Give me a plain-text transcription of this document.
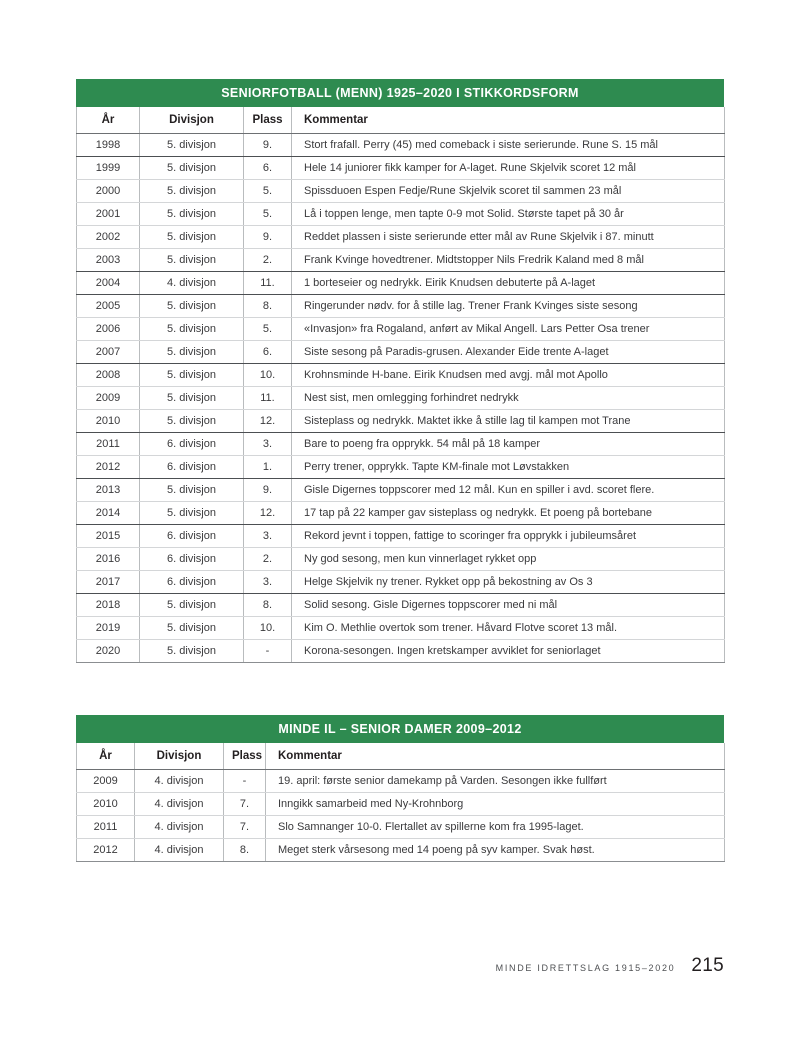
SENIORFOTBALL (MENN) 1925–2020 I STIKKORDSFORM
År	Divisjon	Plass	Kommentar
1998	5. divisjon	9.	Stort frafall. Perry (45) med comeback i siste serierunde. Rune S. 15 mål
1999	5. divisjon	6.	Hele 14 juniorer fikk kamper for A-laget. Rune Skjelvik scoret 12 mål
2000	5. divisjon	5.	Spissduoen Espen Fedje/Rune Skjelvik scoret til sammen 23 mål
2001	5. divisjon	5.	Lå i toppen lenge, men tapte 0-9 mot Solid. Største tapet på 30 år
2002	5. divisjon	9.	Reddet plassen i siste serierunde etter mål av Rune Skjelvik i 87. minutt
2003	5. divisjon	2.	Frank Kvinge hovedtrener. Midtstopper Nils Fredrik Kaland med 8 mål
2004	4. divisjon	11.	1 borteseier og nedrykk. Eirik Knudsen debuterte på A-laget
2005	5. divisjon	8.	Ringerunder nødv. for å stille lag. Trener Frank Kvinges siste sesong
2006	5. divisjon	5.	«Invasjon» fra Rogaland, anført av Mikal Angell. Lars Petter Osa trener
2007	5. divisjon	6.	Siste sesong på Paradis-grusen. Alexander Eide trente A-laget
2008	5. divisjon	10.	Krohnsminde H-bane. Eirik Knudsen med avgj. mål mot Apollo
2009	5. divisjon	11.	Nest sist, men omlegging forhindret nedrykk
2010	5. divisjon	12.	Sisteplass og nedrykk. Maktet ikke å stille lag til kampen mot Trane
2011	6. divisjon	3.	Bare to poeng fra opprykk. 54 mål på 18 kamper
2012	6. divisjon	1.	Perry trener, opprykk. Tapte KM-finale mot Løvstakken
2013	5. divisjon	9.	Gisle Digernes toppscorer med 12 mål. Kun en spiller i avd. scoret flere.
2014	5. divisjon	12.	17 tap på 22 kamper gav sisteplass og nedrykk. Et poeng på bortebane
2015	6. divisjon	3.	Rekord jevnt i toppen, fattige to scoringer fra opprykk i jubileumsåret
2016	6. divisjon	2.	Ny god sesong, men kun vinnerlaget rykket opp
2017	6. divisjon	3.	Helge Skjelvik ny trener. Rykket opp på bekostning av Os 3
2018	5. divisjon	8.	Solid sesong. Gisle Digernes toppscorer med ni mål
2019	5. divisjon	10.	Kim O. Methlie overtok som trener. Håvard Flotve scoret 13 mål.
2020	5. divisjon	-	Korona-sesongen. Ingen kretskamper avviklet for seniorlaget
MINDE IL – SENIOR DAMER 2009–2012
År	Divisjon	Plass	Kommentar
2009	4. divisjon	-	19. april: første senior damekamp på Varden. Sesongen ikke fullført
2010	4. divisjon	7.	Inngikk samarbeid med Ny-Krohnborg
2011	4. divisjon	7.	Slo Samnanger 10-0. Flertallet av spillerne kom fra 1995-laget.
2012	4. divisjon	8.	Meget sterk vårsesong med 14 poeng på syv kamper. Svak høst.
MINDE IDRETTSLAG 1915–2020 215
